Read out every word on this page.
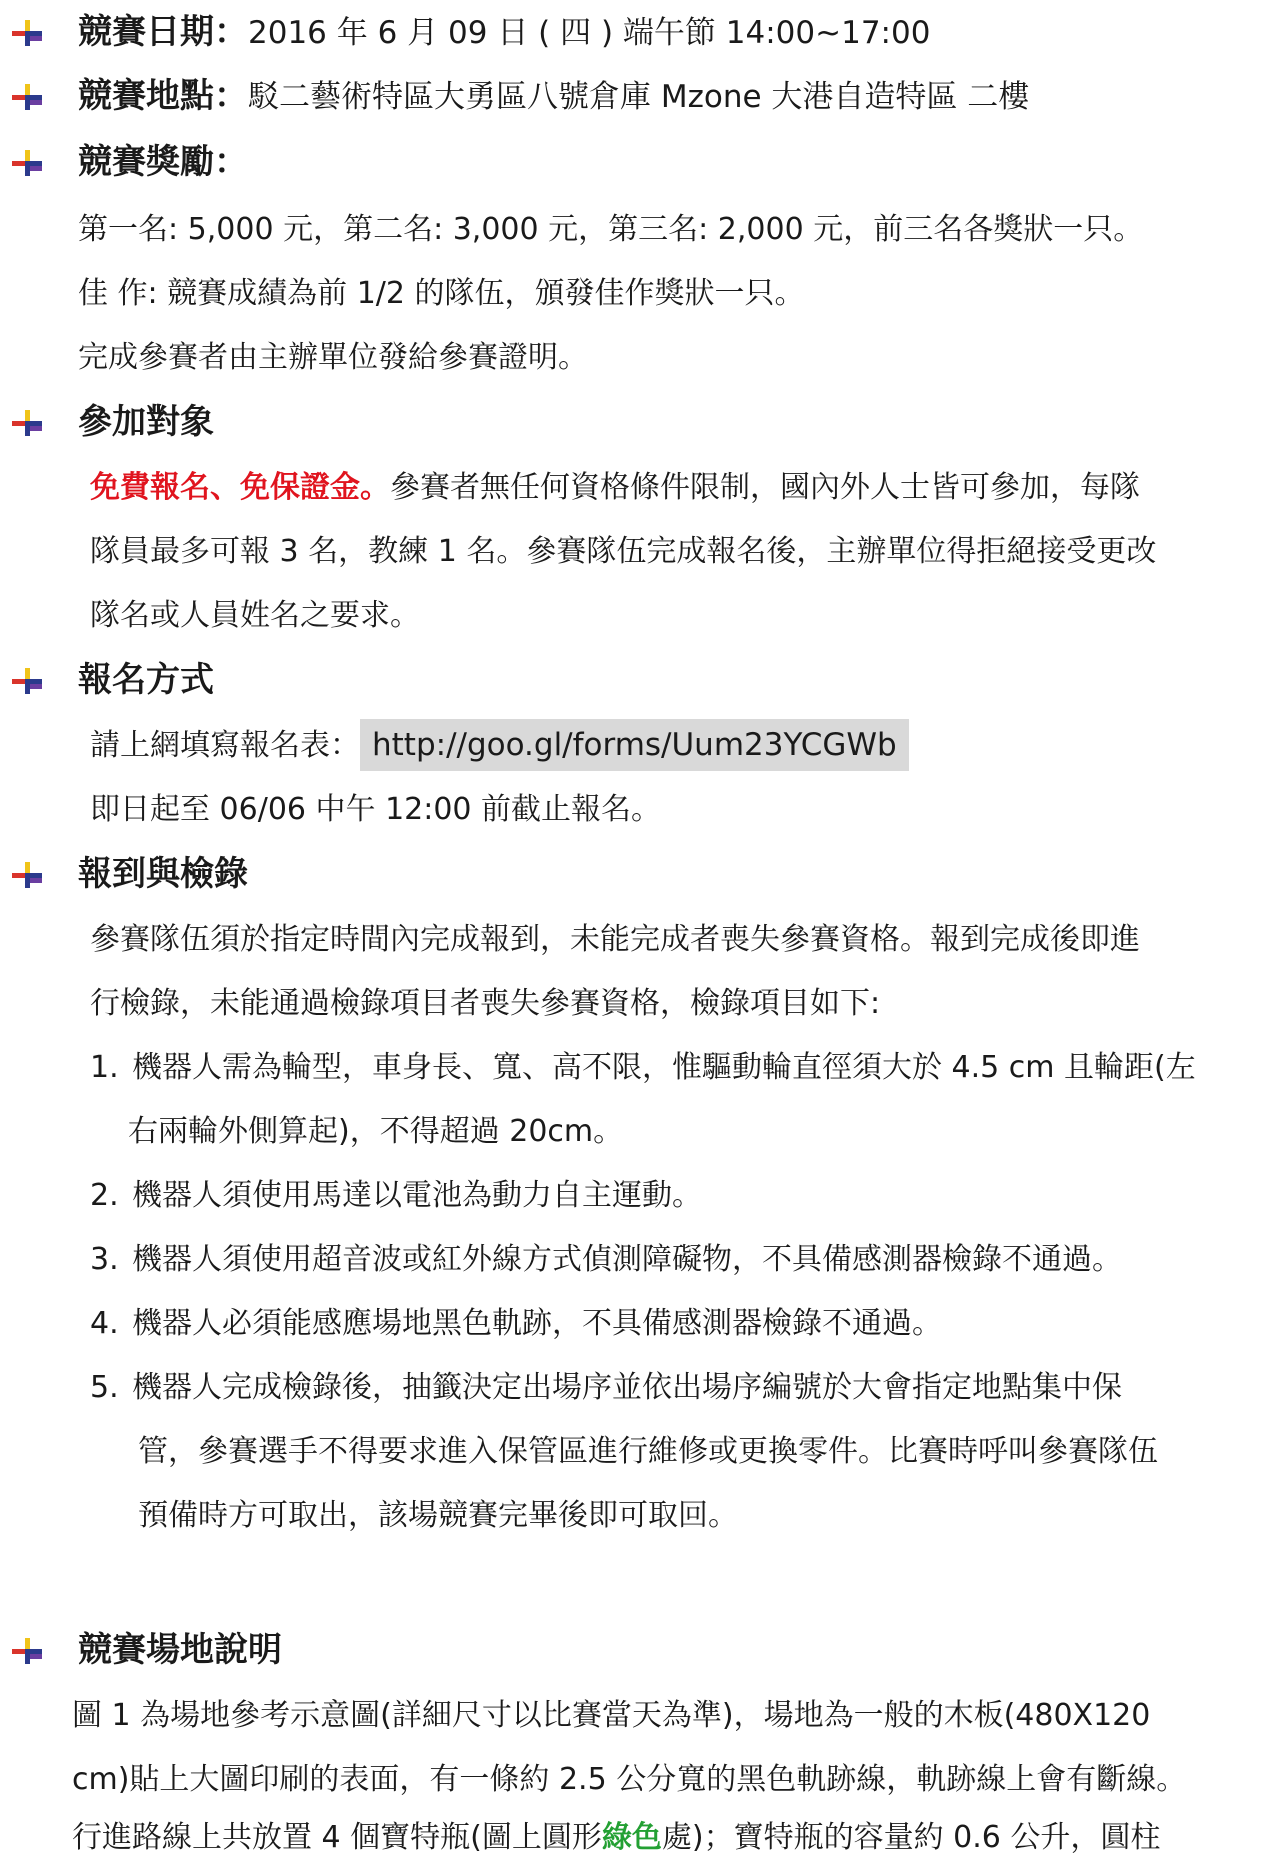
競賽日期：2016 年 6 月 09 日 ( 四 ) 端午節 14:00~17:00
競賽地點：駁二藝術特區大勇區八號倉庫 Mzone 大港自造特區 二樓
競賽獎勵：
第一名: 5,000 元，第二名: 3,000 元，第三名: 2,000 元，前三名各獎狀一只。
佳 作: 競賽成績為前 1/2 的隊伍，頒發佳作獎狀一只。
完成參賽者由主辦單位發給參賽證明。
參加對象
免費報名、免保證金。參賽者無任何資格條件限制，國內外人士皆可參加，每隊
隊員最多可報 3 名，教練 1 名。參賽隊伍完成報名後，主辦單位得拒絕接受更改
隊名或人員姓名之要求。
報名方式
請上網填寫報名表： http://goo.gl/forms/Uum23YCGWb
即日起至 06/06 中午 12:00 前截止報名。
報到與檢錄
參賽隊伍須於指定時間內完成報到，未能完成者喪失參賽資格。報到完成後即進
行檢錄，未能通過檢錄項目者喪失參賽資格，檢錄項目如下:
1. 機器人需為輪型，車身長、寬、高不限，惟驅動輪直徑須大於 4.5 cm 且輪距(左
右兩輪外側算起)，不得超過 20cm。
2. 機器人須使用馬達以電池為動力自主運動。
3. 機器人須使用超音波或紅外線方式偵測障礙物，不具備感測器檢錄不通過。
4. 機器人必須能感應場地黑色軌跡，不具備感測器檢錄不通過。
5. 機器人完成檢錄後，抽籤決定出場序並依出場序編號於大會指定地點集中保
管，參賽選手不得要求進入保管區進行維修或更換零件。比賽時呼叫參賽隊伍
預備時方可取出，該場競賽完畢後即可取回。
競賽場地說明
圖 1 為場地參考示意圖(詳細尺寸以比賽當天為準)，場地為一般的木板(480X120
cm)貼上大圖印刷的表面，有一條約 2.5 公分寬的黑色軌跡線，軌跡線上會有斷線。
行進路線上共放置 4 個寶特瓶(圖上圓形綠色處)；寶特瓶的容量約 0.6 公升，圓柱
